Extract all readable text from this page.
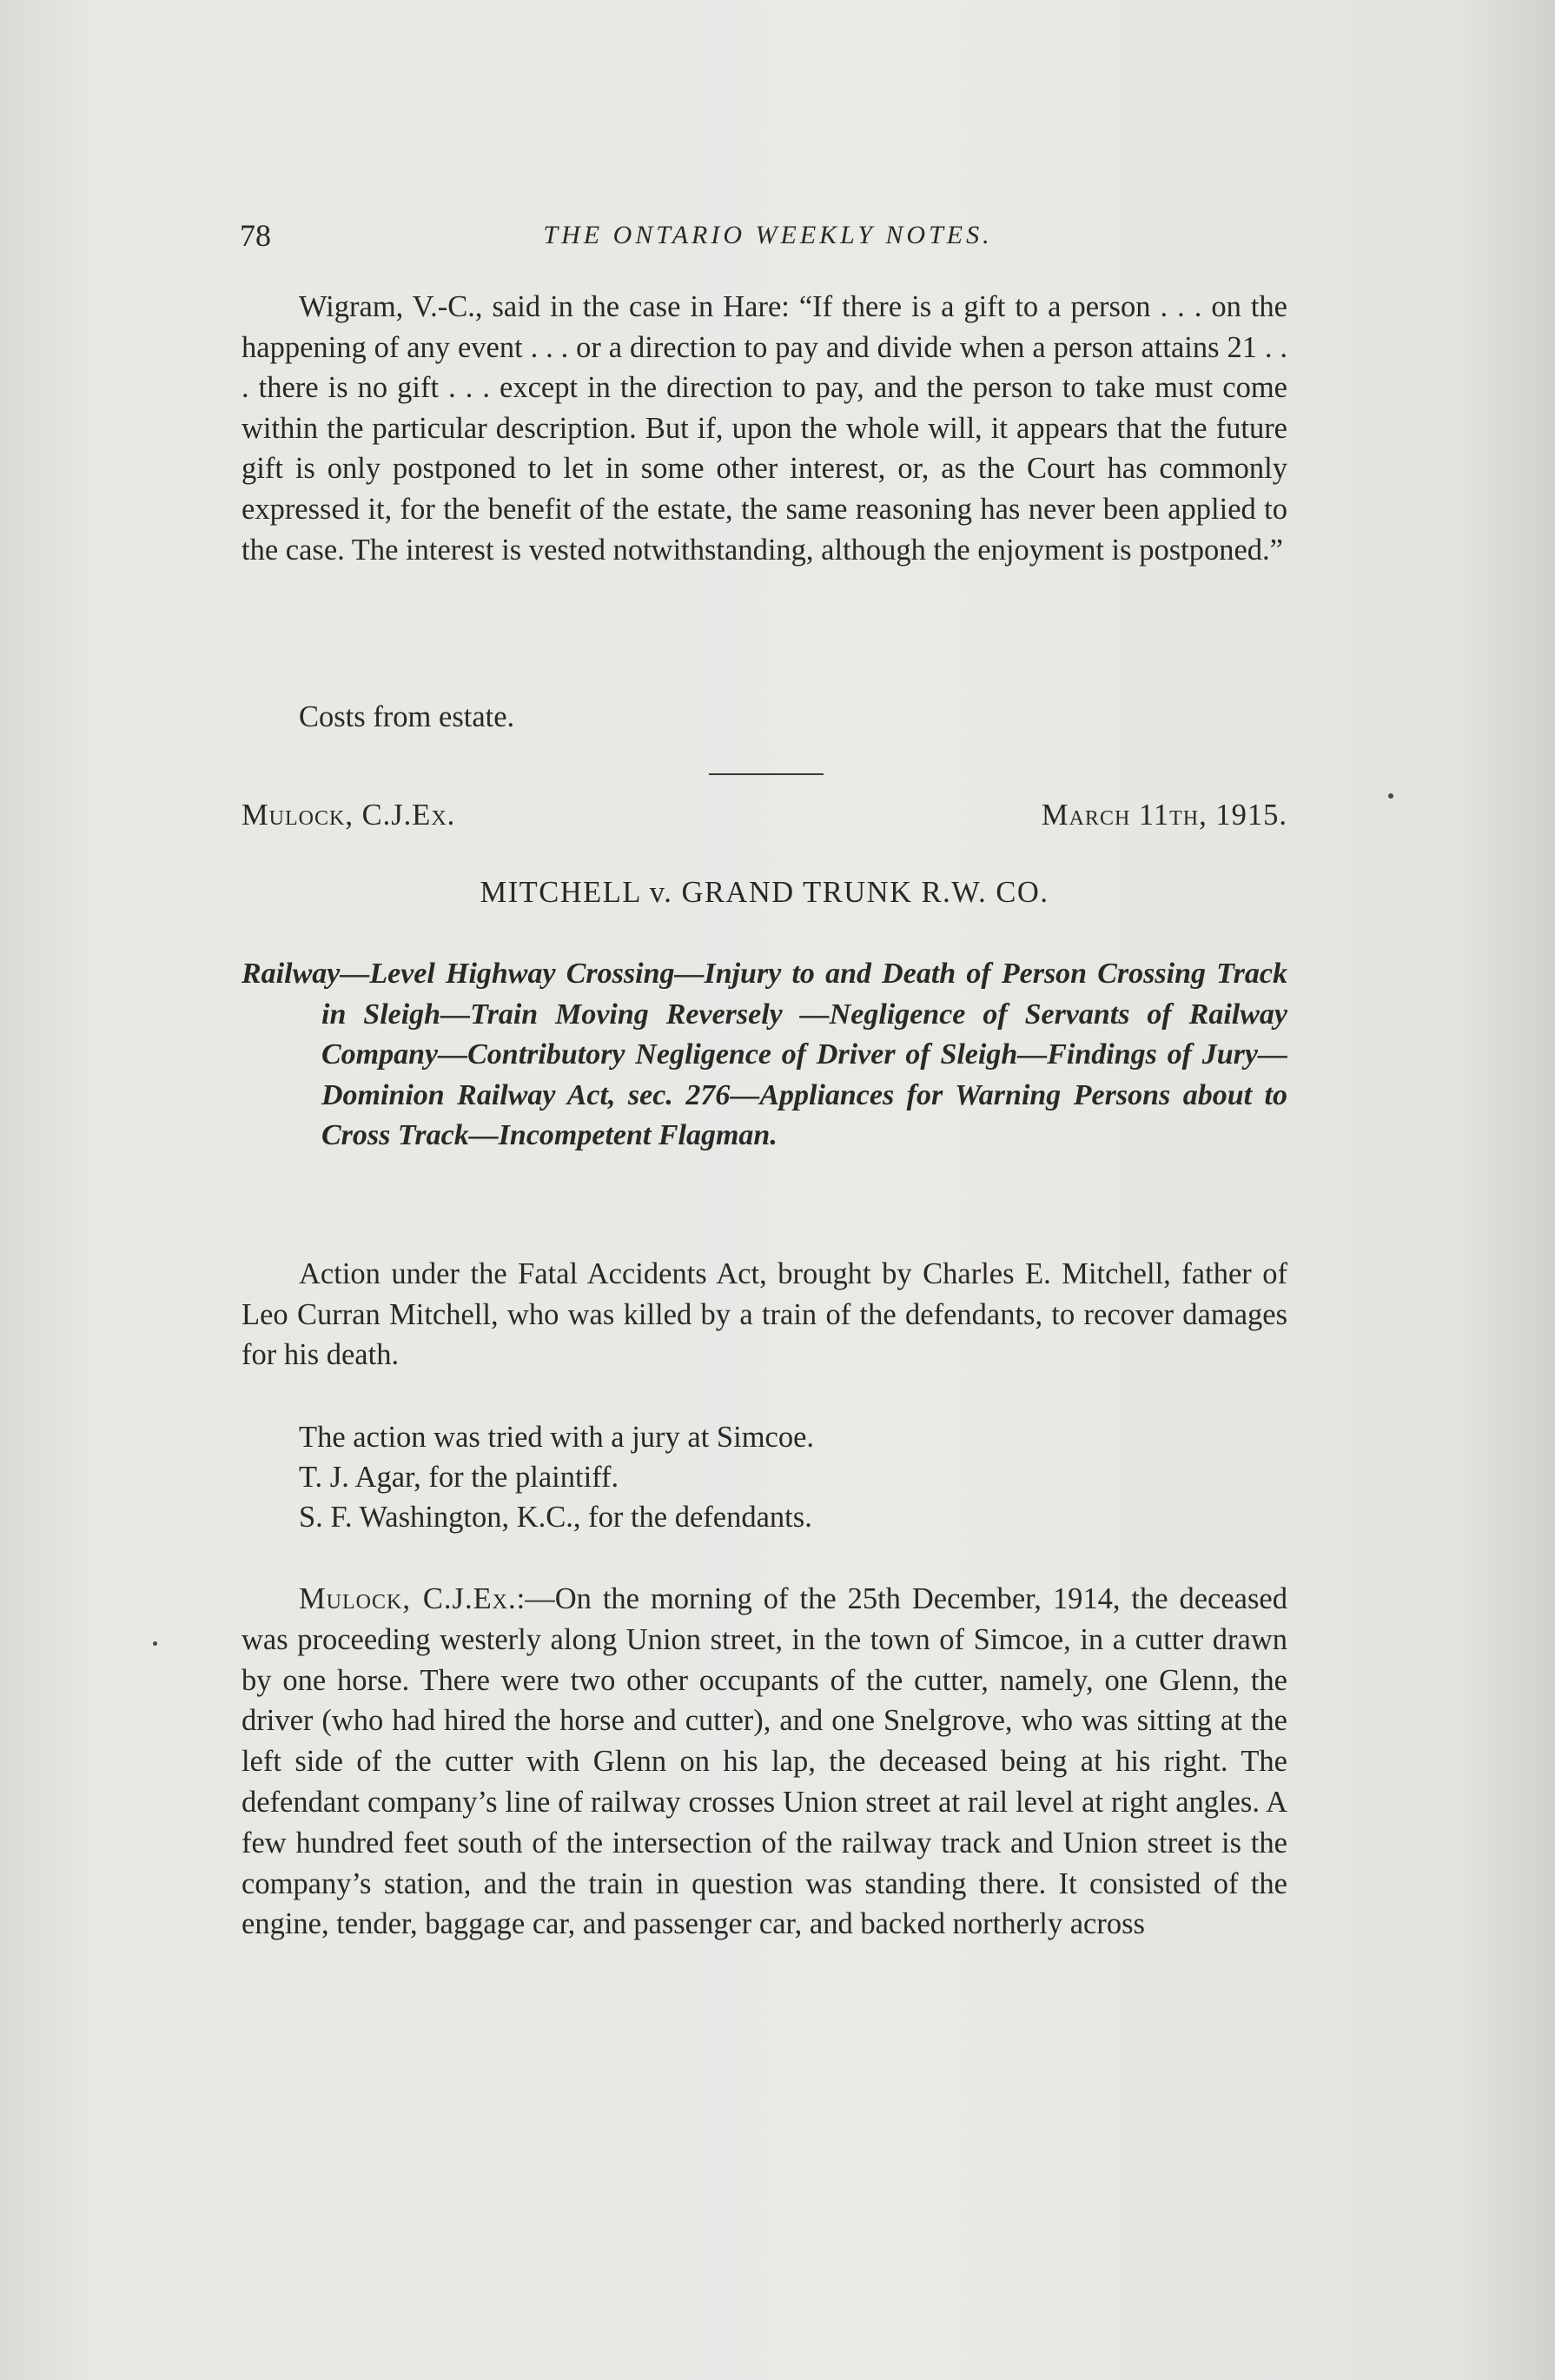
78	THE ONTARIO WEEKLY NOTES.

Wigram, V.-C., said in the case in Hare: “If there is a gift to a person . . . on the happening of any event . . . or a direction to pay and divide when a person attains 21 . . . there is no gift . . . except in the direction to pay, and the person to take must come within the particular description. But if, upon the whole will, it appears that the future gift is only postponed to let in some other interest, or, as the Court has commonly expressed it, for the benefit of the estate, the same reasoning has never been applied to the case. The interest is vested notwithstanding, although the enjoyment is postponed.”

Costs from estate.

Mulock, C.J.Ex.	March 11th, 1915.
MITCHELL v. GRAND TRUNK R.W. CO.

Railway—Level Highway Crossing—Injury to and Death of Person Crossing Track in Sleigh—Train Moving Reversely —Negligence of Servants of Railway Company—Contributory Negligence of Driver of Sleigh—Findings of Jury— Dominion Railway Act, sec. 276—Appliances for Warning Persons about to Cross Track—Incompetent Flagman.

Action under the Fatal Accidents Act, brought by Charles E. Mitchell, father of Leo Curran Mitchell, who was killed by a train of the defendants, to recover damages for his death.

The action was tried with a jury at Simcoe.
T. J. Agar, for the plaintiff.
S. F. Washington, K.C., for the defendants.

Mulock, C.J.Ex.:—On the morning of the 25th December, 1914, the deceased was proceeding westerly along Union street, in the town of Simcoe, in a cutter drawn by one horse. There were two other occupants of the cutter, namely, one Glenn, the driver (who had hired the horse and cutter), and one Snelgrove, who was sitting at the left side of the cutter with Glenn on his lap, the deceased being at his right. The defendant company’s line of railway crosses Union street at rail level at right angles. A few hundred feet south of the intersection of the railway track and Union street is the company’s station, and the train in question was standing there. It consisted of the engine, tender, baggage car, and passenger car, and backed northerly across
